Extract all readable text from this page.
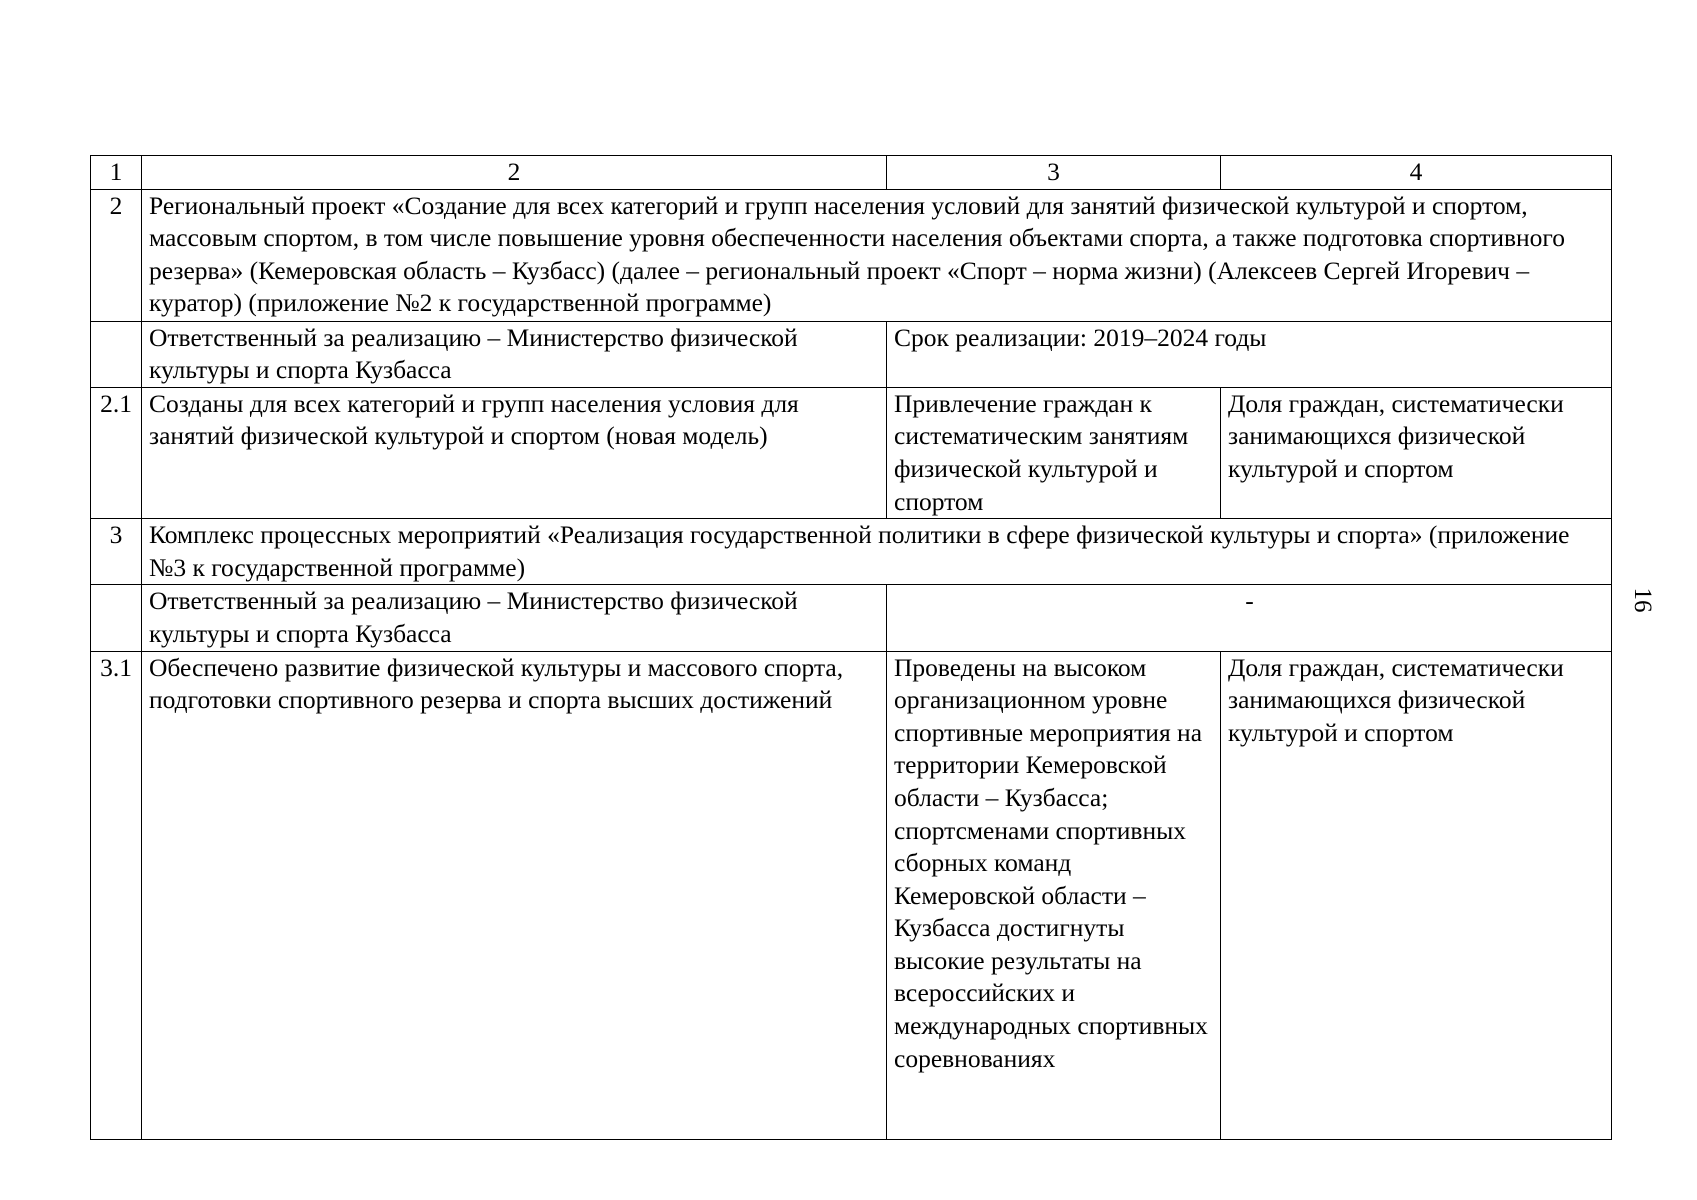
1	2	3	4
2	Региональный проект «Создание для всех категорий и групп населения условий для занятий физической культурой и спортом, массовым спортом, в том числе повышение уровня обеспеченности населения объектами спорта, а также подготовка спортивного резерва» (Кемеровская область – Кузбасс) (далее – региональный проект «Спорт – норма жизни) (Алексеев Сергей Игоревич – куратор) (приложение №2 к государственной программе)		
	Ответственный за реализацию – Министерство физической культуры и спорта Кузбасса	Срок реализации: 2019–2024 годы	
2.1	Созданы для всех категорий и групп населения условия для занятий физической культурой и спортом (новая модель)	Привлечение граждан к систематическим занятиям физической культурой и спортом	Доля граждан, систематически занимающихся физической культурой и спортом
3	Комплекс процессных мероприятий «Реализация государственной политики в сфере физической культуры и спорта» (приложение №3 к государственной программе)		
	Ответственный за реализацию – Министерство физической культуры и спорта Кузбасса	-	
3.1	Обеспечено развитие физической культуры и массового спорта, подготовки спортивного резерва и спорта высших достижений	Проведены на высоком организационном уровне спортивные мероприятия на территории Кемеровской области – Кузбасса; спортсменами спортивных сборных команд Кемеровской области – Кузбасса достигнуты высокие результаты на всероссийских и международных спортивных соревнованиях	Доля граждан, систематически занимающихся физической культурой и спортом
16
